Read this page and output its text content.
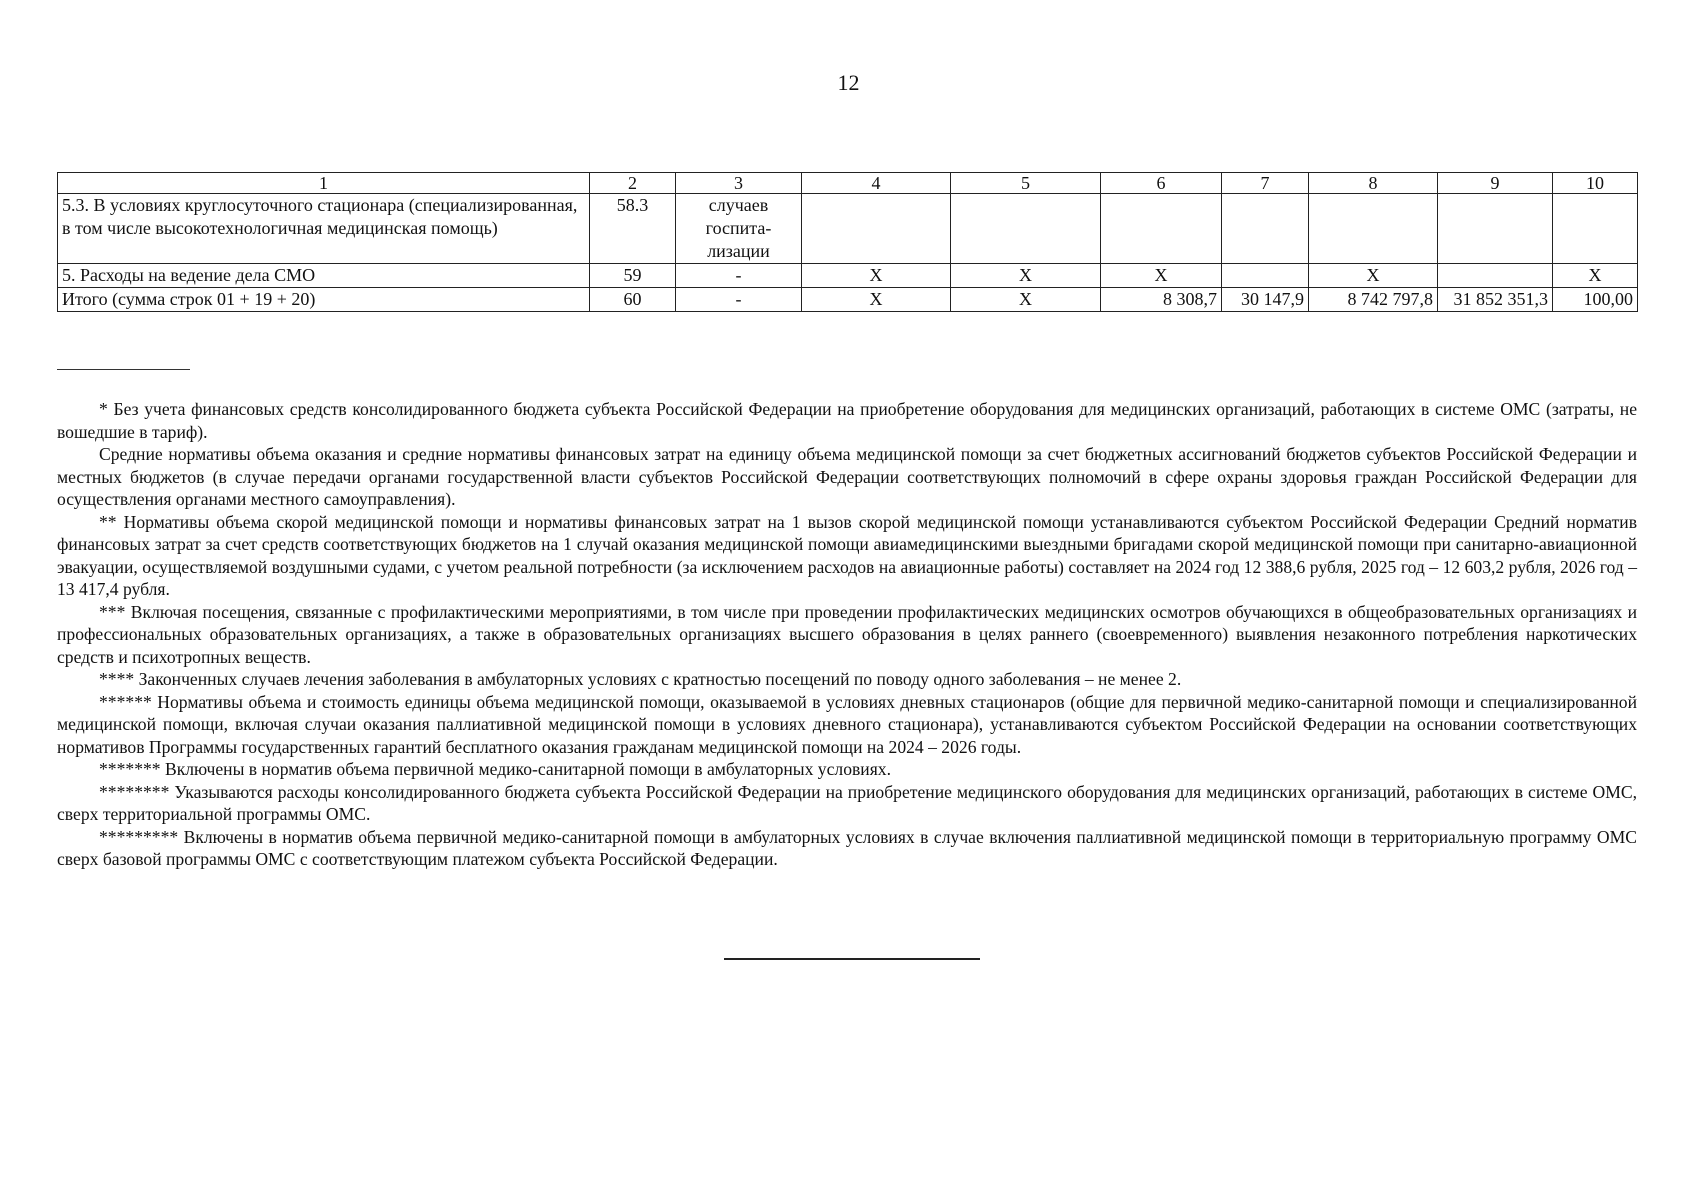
12
1	2	3	4	5	6	7	8	9	10
5.3. В условиях круглосуточного стационара (специализированная, в том числе высокотехнологичная медицинская помощь)	58.3	случаев госпита-лизации							
5. Расходы на ведение дела СМО	59	-	X	X	X		X		X
Итого (сумма строк 01 + 19 + 20)	60	-	X	X	8 308,7	30 147,9	8 742 797,8	31 852 351,3	100,00

* Без учета финансовых средств консолидированного бюджета субъекта Российской Федерации на приобретение оборудования для медицинских организаций, работающих в системе ОМС (затраты, не вошедшие в тариф).

Средние нормативы объема оказания и средние нормативы финансовых затрат на единицу объема медицинской помощи за счет бюджетных ассигнований бюджетов субъектов Российской Федерации и местных бюджетов (в случае передачи органами государственной власти субъектов Российской Федерации соответствующих полномочий в сфере охраны здоровья граждан Российской Федерации для осуществления органами местного самоуправления).

** Нормативы объема скорой медицинской помощи и нормативы финансовых затрат на 1 вызов скорой медицинской помощи устанавливаются субъектом Российской Федерации Средний норматив финансовых затрат за счет средств соответствующих бюджетов на 1 случай оказания медицинской помощи авиамедицинскими выездными бригадами скорой медицинской помощи при санитарно-авиационной эвакуации, осуществляемой воздушными судами, с учетом реальной потребности (за исключением расходов на авиационные работы) составляет на 2024 год 12 388,6 рубля, 2025 год – 12 603,2 рубля, 2026 год – 13 417,4 рубля.

*** Включая посещения, связанные с профилактическими мероприятиями, в том числе при проведении профилактических медицинских осмотров обучающихся в общеобразовательных организациях и профессиональных образовательных организациях, а также в образовательных организациях высшего образования в целях раннего (своевременного) выявления незаконного потребления наркотических средств и психотропных веществ.

**** Законченных случаев лечения заболевания в амбулаторных условиях с кратностью посещений по поводу одного заболевания – не менее 2.

****** Нормативы объема и стоимость единицы объема медицинской помощи, оказываемой в условиях дневных стационаров (общие для первичной медико-санитарной помощи и специализированной медицинской помощи, включая случаи оказания паллиативной медицинской помощи в условиях дневного стационара), устанавливаются субъектом Российской Федерации на основании соответствующих нормативов Программы государственных гарантий бесплатного оказания гражданам медицинской помощи на 2024 – 2026 годы.

******* Включены в норматив объема первичной медико-санитарной помощи в амбулаторных условиях.

******** Указываются расходы консолидированного бюджета субъекта Российской Федерации на приобретение медицинского оборудования для медицинских организаций, работающих в системе ОМС, сверх территориальной программы ОМС.

********* Включены в норматив объема первичной медико-санитарной помощи в амбулаторных условиях в случае включения паллиативной медицинской помощи в территориальную программу ОМС сверх базовой программы ОМС с соответствующим платежом субъекта Российской Федерации.
